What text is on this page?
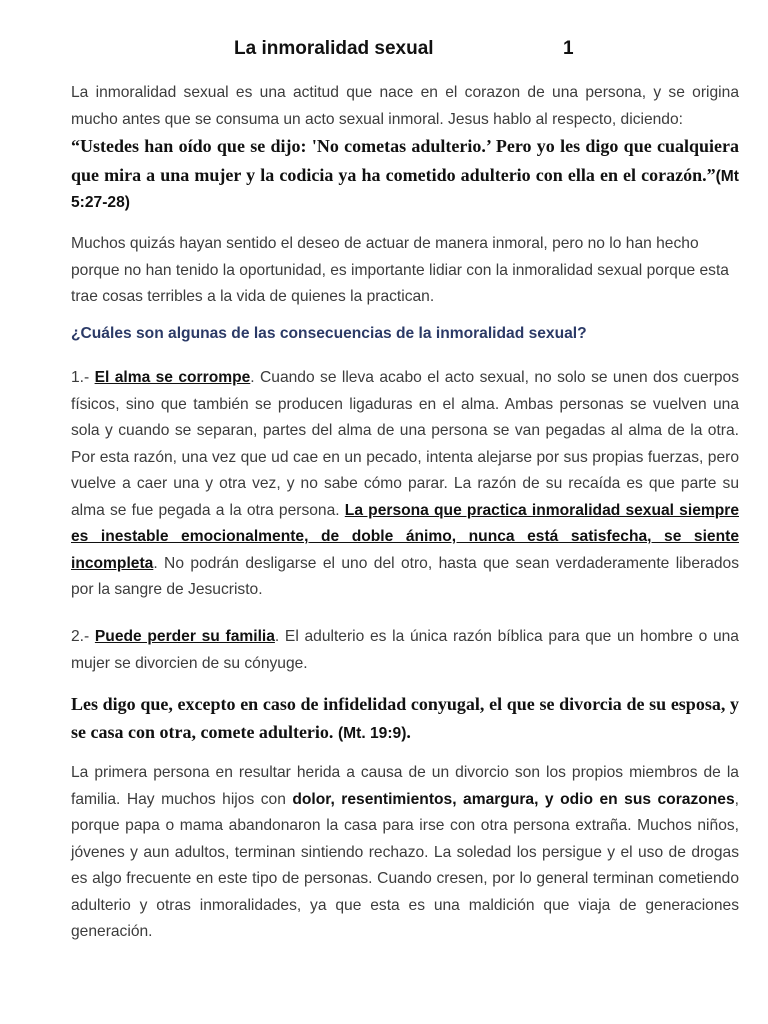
La inmoralidad sexual	1

La inmoralidad sexual es una actitud que nace en el corazon de una persona, y se origina mucho antes que se consuma un acto sexual inmoral. Jesus hablo al respecto, diciendo:
“Ustedes han oído que se dijo: 'No cometas adulterio.’ Pero yo les digo que cualquiera que mira a una mujer y la codicia ya ha cometido adulterio con ella en el corazón.”(Mt 5:27-28)

Muchos quizás hayan sentido el deseo de actuar de manera inmoral, pero no lo han hecho porque no han tenido la oportunidad, es importante lidiar con la inmoralidad sexual porque esta trae cosas terribles a la vida de quienes la practican.

¿Cuáles son algunas de las consecuencias de la inmoralidad sexual?

1.- El alma se corrompe. Cuando se lleva acabo el acto sexual, no solo se unen dos cuerpos físicos, sino que también se producen ligaduras en el alma. Ambas personas se vuelven una sola y cuando se separan, partes del alma de una persona se van pegadas al alma de la otra. Por esta razón, una vez que ud cae en un pecado, intenta alejarse por sus propias fuerzas, pero vuelve a caer una y otra vez, y no sabe cómo parar. La razón de su recaída es que parte su alma se fue pegada a la otra persona. La persona que practica inmoralidad sexual siempre es inestable emocionalmente, de doble ánimo, nunca está satisfecha, se siente incompleta. No podrán desligarse el uno del otro, hasta que sean verdaderamente liberados por la sangre de Jesucristo.

2.- Puede perder su familia. El adulterio es la única razón bíblica para que un hombre o una mujer se divorcien de su cónyuge.

Les digo que, excepto en caso de infidelidad conyugal, el que se divorcia de su esposa, y se casa con otra, comete adulterio. (Mt. 19:9).

La primera persona en resultar herida a causa de un divorcio son los propios miembros de la familia. Hay muchos hijos con dolor, resentimientos, amargura, y odio en sus corazones, porque papa o mama abandonaron la casa para irse con otra persona extraña. Muchos niños, jóvenes y aun adultos, terminan sintiendo rechazo. La soledad los persigue y el uso de drogas es algo frecuente en este tipo de personas. Cuando cresen, por lo general terminan cometiendo adulterio y otras inmoralidades, ya que esta es una maldición que viaja de generaciones generación.
